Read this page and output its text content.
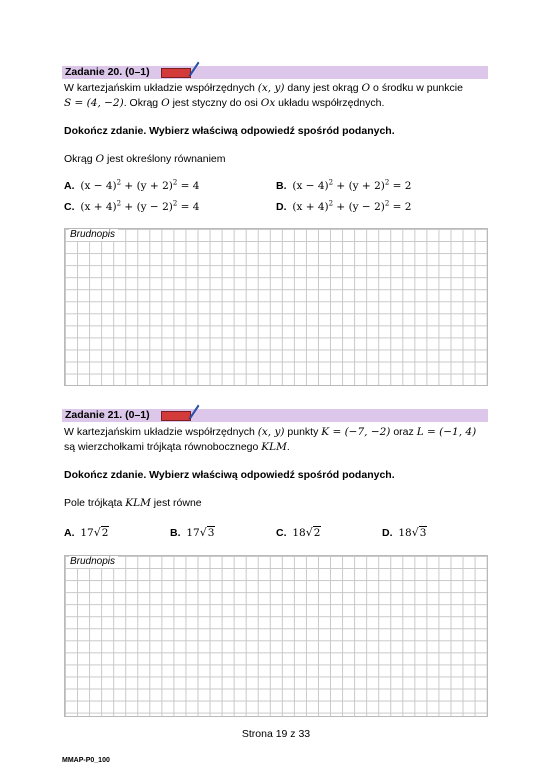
Zadanie 20. (0–1)
W kartezjańskim układzie współrzędnych (x, y) dany jest okrąg O o środku w punkcie
S = (4, −2). Okrąg O jest styczny do osi Ox układu współrzędnych.
Dokończ zdanie. Wybierz właściwą odpowiedź spośród podanych.
Okrąg O jest określony równaniem
A. $(x - 4)^2 + (y + 2)^2 = 4$	B. $(x - 4)^2 + (y + 2)^2 = 2$
C. $(x + 4)^2 + (y - 2)^2 = 4$	D. $(x + 4)^2 + (y - 2)^2 = 2$
Brudnopis
Zadanie 21. (0–1)
W kartezjańskim układzie współrzędnych (x, y) punkty K = (−7, −2) oraz L = (−1, 4)
są wierzchołkami trójkąta równobocznego KLM.
Dokończ zdanie. Wybierz właściwą odpowiedź spośród podanych.
Pole trójkąta KLM jest równe
A. 17√2	B. 17√3	C. 18√2	D. 18√3
Brudnopis
Strona 19 z 33
MMAP-P0_100
